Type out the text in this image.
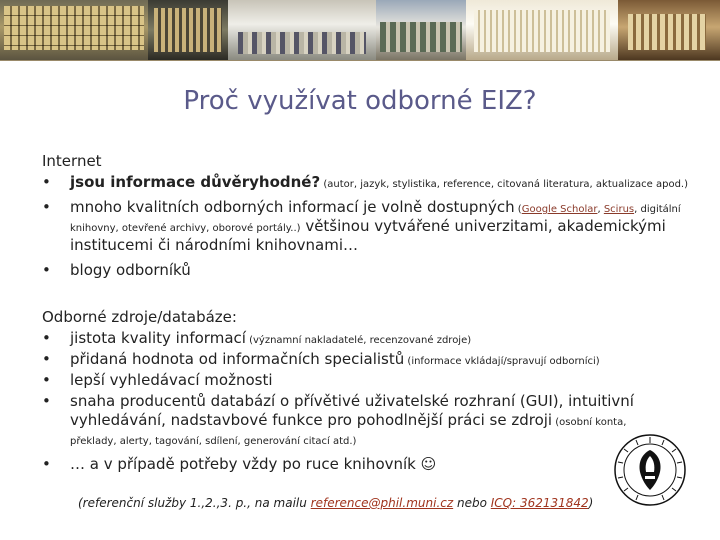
Proč využívat odborné EIZ?
Internet
•	jsou informace důvěryhodné? (autor, jazyk, stylistika, reference, citovaná literatura, aktualizace apod.)
•	mnoho kvalitních odborných informací je volně dostupných (Google Scholar, Scirus, digitální knihovny, otevřené archivy, oborové portály..) většinou vytvářené univerzitami, akademickými institucemi či národními knihovnami…
•	blogy odborníků
Odborné zdroje/databáze:
•	jistota kvality informací (významní nakladatelé, recenzované zdroje)
•	přidaná hodnota od informačních specialistů (informace vkládají/spravují odborníci)
•	lepší vyhledávací možnosti
•	snaha producentů databází o přívětivé uživatelské rozhraní (GUI), intuitivní vyhledávání, nadstavbové funkce pro pohodlnější práci se zdroji (osobní konta, překlady, alerty, tagování, sdílení, generování citací atd.)
•	… a v případě potřeby vždy po ruce knihovník ☺
(referenční služby 1.,2.,3. p., na mailu reference@phil.muni.cz nebo ICQ: 362131842)
